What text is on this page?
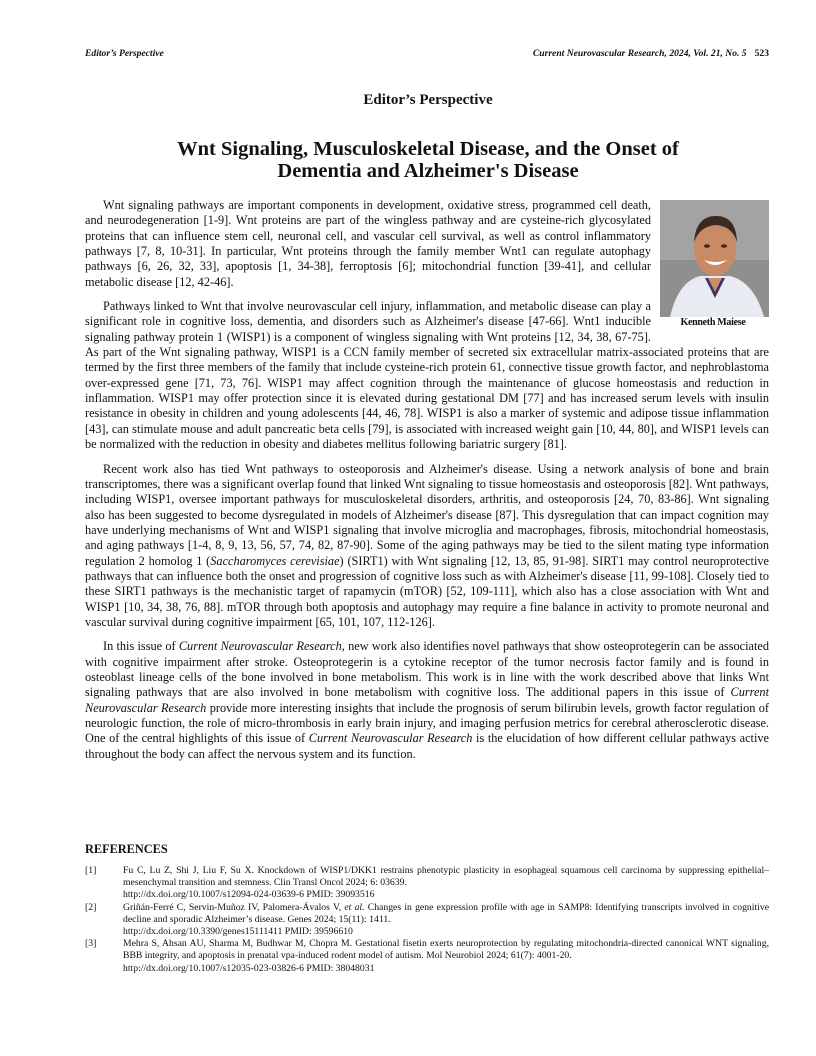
Editor’s Perspective	Current Neurovascular Research, 2024, Vol. 21, No. 5 523
Editor’s Perspective
Wnt Signaling, Musculoskeletal Disease, and the Onset of
Dementia and Alzheimer's Disease
Kenneth Maiese

Wnt signaling pathways are important components in development, oxidative stress, programmed cell death, and neurodegeneration [1-9]. Wnt proteins are part of the wingless pathway and are cysteine-rich glycosylated proteins that can influence stem cell, neuronal cell, and vascular cell survival, as well as control inflammatory pathways [7, 8, 10-31]. In particular, Wnt proteins through the family member Wnt1 can regulate autophagy pathways [6, 26, 32, 33], apoptosis [1, 34-38], ferroptosis [6]; mitochondrial function [39-41], and cellular metabolic disease [12, 42-46].

Pathways linked to Wnt that involve neurovascular cell injury, inflammation, and metabolic disease can play a significant role in cognitive loss, dementia, and disorders such as Alzheimer's disease [47-66]. Wnt1 inducible signaling pathway protein 1 (WISP1) is a component of wingless signaling with Wnt proteins [12, 34, 38, 67-75]. As part of the Wnt signaling pathway, WISP1 is a CCN family member of secreted six extracellular matrix-associated proteins that are termed by the first three members of the family that include cysteine-rich protein 61, connective tissue growth factor, and nephroblastoma over-expressed gene [71, 73, 76]. WISP1 may affect cognition through the maintenance of glucose homeostasis and reduction in inflammation. WISP1 may offer protection since it is elevated during gestational DM [77] and has increased serum levels with insulin resistance in obesity in children and young adolescents [44, 46, 78]. WISP1 is also a marker of systemic and adipose tissue inflammation [43], can stimulate mouse and adult pancreatic beta cells [79], is associated with increased weight gain [10, 44, 80], and WISP1 levels can be normalized with the reduction in obesity and diabetes mellitus following bariatric surgery [81].

Recent work also has tied Wnt pathways to osteoporosis and Alzheimer's disease. Using a network analysis of bone and brain transcriptomes, there was a significant overlap found that linked Wnt signaling to tissue homeostasis and osteoporosis [82]. Wnt pathways, including WISP1, oversee important pathways for musculoskeletal disorders, arthritis, and osteoporosis [24, 70, 83-86]. Wnt signaling also has been suggested to become dysregulated in models of Alzheimer's disease [87]. This dysregulation that can impact cognition may have underlying mechanisms of Wnt and WISP1 signaling that involve microglia and macrophages, fibrosis, mitochondrial homeostasis, and aging pathways [1-4, 8, 9, 13, 56, 57, 74, 82, 87-90]. Some of the aging pathways may be tied to the silent mating type information regulation 2 homolog 1 (Saccharomyces cerevisiae) (SIRT1) with Wnt signaling [12, 13, 85, 91-98]. SIRT1 may control neuroprotective pathways that can influence both the onset and progression of cognitive loss such as with Alzheimer's disease [11, 99-108]. Closely tied to these SIRT1 pathways is the mechanistic target of rapamycin (mTOR) [52, 109-111], which also has a close association with Wnt and WISP1 [10, 34, 38, 76, 88]. mTOR through both apoptosis and autophagy may require a fine balance in activity to promote neuronal and vascular survival during cognitive impairment [65, 101, 107, 112-126].

In this issue of Current Neurovascular Research, new work also identifies novel pathways that show osteoprotegerin can be associated with cognitive impairment after stroke. Osteoprotegerin is a cytokine receptor of the tumor necrosis factor family and is found in osteoblast lineage cells of the bone involved in bone metabolism. This work is in line with the work described above that links Wnt signaling pathways that are also involved in bone metabolism with cognitive loss. The additional papers in this issue of Current Neurovascular Research provide more interesting insights that include the prognosis of serum bilirubin levels, growth factor regulation of neurologic function, the role of micro-thrombosis in early brain injury, and imaging perfusion metrics for cerebral atherosclerotic disease. One of the central highlights of this issue of Current Neurovascular Research is the elucidation of how different cellular pathways active throughout the body can affect the nervous system and its function.

REFERENCES
[1]	Fu C, Lu Z, Shi J, Liu F, Su X. Knockdown of WISP1/DKK1 restrains phenotypic plasticity in esophageal squamous cell carcinoma by suppressing epithelial–mesenchymal transition and stemness. Clin Transl Oncol 2024; 6: 03639.
http://dx.doi.org/10.1007/s12094-024-03639-6 PMID: 39093516
[2]	Griñán-Ferré C, Servin-Muñoz IV, Palomera-Ávalos V, et al. Changes in gene expression profile with age in SAMP8: Identifying transcripts involved in cognitive decline and sporadic Alzheimer’s disease. Genes 2024; 15(11): 1411.
http://dx.doi.org/10.3390/genes15111411 PMID: 39596610
[3]	Mehra S, Ahsan AU, Sharma M, Budhwar M, Chopra M. Gestational fisetin exerts neuroprotection by regulating mitochondria-directed canonical WNT signaling, BBB integrity, and apoptosis in prenatal vpa-induced rodent model of autism. Mol Neurobiol 2024; 61(7): 4001-20.
http://dx.doi.org/10.1007/s12035-023-03826-6 PMID: 38048031
